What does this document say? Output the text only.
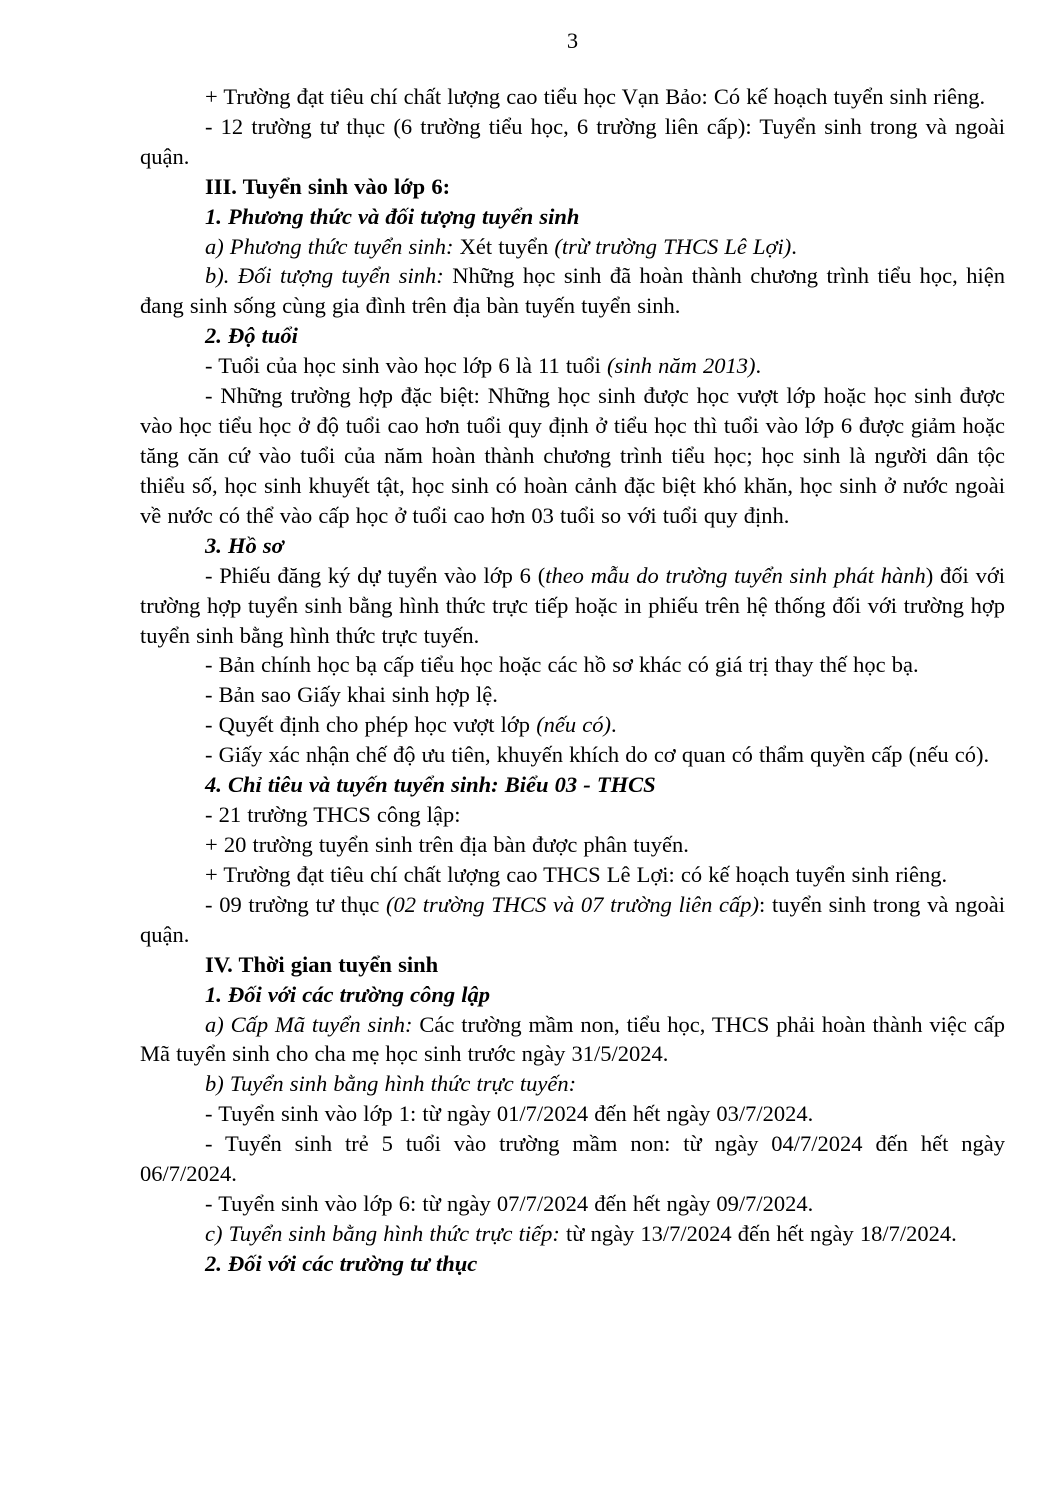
3

+ Trường đạt tiêu chí chất lượng cao tiểu học Vạn Bảo: Có kế hoạch tuyển sinh riêng.

- 12 trường tư thục (6 trường tiểu học, 6 trường liên cấp): Tuyển sinh trong và ngoài quận.

III. Tuyển sinh vào lớp 6:

1. Phương thức và đối tượng tuyển sinh

a) Phương thức tuyển sinh: Xét tuyển (trừ trường THCS Lê Lợi).

b). Đối tượng tuyển sinh: Những học sinh đã hoàn thành chương trình tiểu học, hiện đang sinh sống cùng gia đình trên địa bàn tuyến tuyển sinh.

2. Độ tuổi

- Tuổi của học sinh vào học lớp 6 là 11 tuổi (sinh năm 2013).

- Những trường hợp đặc biệt: Những học sinh được học vượt lớp hoặc học sinh được vào học tiểu học ở độ tuổi cao hơn tuổi quy định ở tiểu học thì tuổi vào lớp 6 được giảm hoặc tăng căn cứ vào tuổi của năm hoàn thành chương trình tiểu học; học sinh là người dân tộc thiểu số, học sinh khuyết tật, học sinh có hoàn cảnh đặc biệt khó khăn, học sinh ở nước ngoài về nước có thể vào cấp học ở tuổi cao hơn 03 tuổi so với tuổi quy định.

3. Hồ sơ

- Phiếu đăng ký dự tuyển vào lớp 6 (theo mẫu do trường tuyển sinh phát hành) đối với trường hợp tuyển sinh bằng hình thức trực tiếp hoặc in phiếu trên hệ thống đối với trường hợp tuyển sinh bằng hình thức trực tuyến.

- Bản chính học bạ cấp tiểu học hoặc các hồ sơ khác có giá trị thay thế học bạ.

- Bản sao Giấy khai sinh hợp lệ.

- Quyết định cho phép học vượt lớp (nếu có).

- Giấy xác nhận chế độ ưu tiên, khuyến khích do cơ quan có thẩm quyền cấp (nếu có).

4. Chỉ tiêu và tuyến tuyển sinh: Biểu 03 - THCS

- 21 trường THCS công lập:

+ 20 trường tuyển sinh trên địa bàn được phân tuyến.

+ Trường đạt tiêu chí chất lượng cao THCS Lê Lợi: có kế hoạch tuyển sinh riêng.

- 09 trường tư thục (02 trường THCS và 07 trường liên cấp): tuyển sinh trong và ngoài quận.

IV. Thời gian tuyển sinh

1. Đối với các trường công lập

a) Cấp Mã tuyển sinh: Các trường mầm non, tiểu học, THCS phải hoàn thành việc cấp Mã tuyển sinh cho cha mẹ học sinh trước ngày 31/5/2024.

b) Tuyển sinh bằng hình thức trực tuyến:

- Tuyển sinh vào lớp 1: từ ngày 01/7/2024 đến hết ngày 03/7/2024.

- Tuyển sinh trẻ 5 tuổi vào trường mầm non: từ ngày 04/7/2024 đến hết ngày 06/7/2024.

- Tuyển sinh vào lớp 6: từ ngày 07/7/2024 đến hết ngày 09/7/2024.

c) Tuyển sinh bằng hình thức trực tiếp: từ ngày 13/7/2024 đến hết ngày 18/7/2024.

2. Đối với các trường tư thục
